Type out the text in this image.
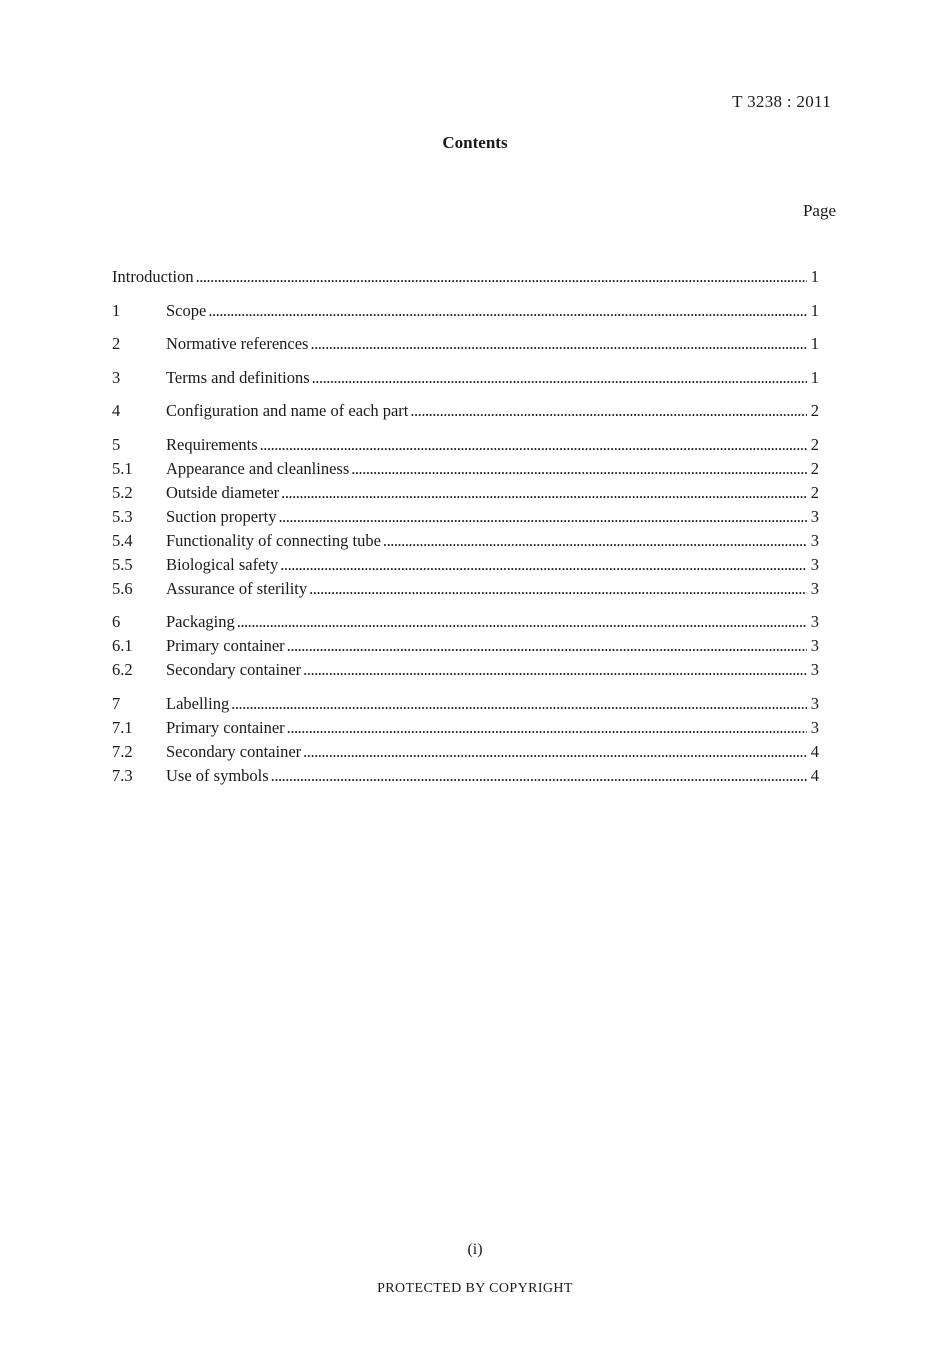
T 3238 : 2011
Contents
Page
Introduction . . .	1
1	Scope . . .	1
2	Normative references . . .	1
3	Terms and definitions . . .	1
4	Configuration and name of each part . . .	2
5	Requirements . . .	2
5.1	Appearance and cleanliness . . .	2
5.2	Outside diameter . . .	2
5.3	Suction property . . .	3
5.4	Functionality of connecting tube . . .	3
5.5	Biological safety . . .	3
5.6	Assurance of sterility . . .	3
6	Packaging . . .	3
6.1	Primary container . . .	3
6.2	Secondary container . . .	3
7	Labelling . . .	3
7.1	Primary container . . .	3
7.2	Secondary container . . .	4
7.3	Use of symbols . . .	4
(i)
PROTECTED BY COPYRIGHT
